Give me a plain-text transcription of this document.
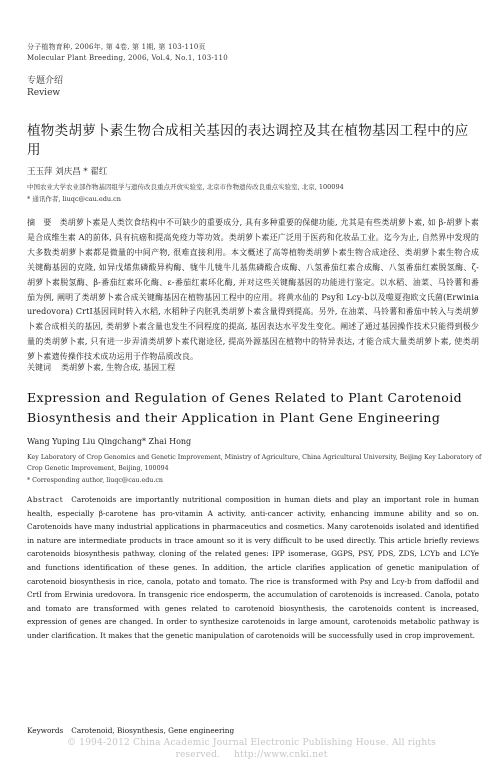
分子植物育种, 2006年, 第 4卷, 第 1期, 第 103-110页
Molecular Plant Breeding, 2006, Vol.4, No.1, 103-110
专题介绍
Review
植物类胡萝卜素生物合成相关基因的表达调控及其在植物基因工程中的应用
王玉萍 刘庆昌 * 翟红
中国农业大学农业部作物基因组学与遗传改良重点开放实验室, 北京市作物遗传改良重点实验室, 北京, 100094
* 通讯作者, liuqc@cau.edu.cn
摘　要 类胡萝卜素是人类饮食结构中不可缺少的重要成分, 具有多种重要的保健功能, 尤其是有些类胡萝卜素, 如 β-胡萝卜素是合成维生素 A的前体, 具有抗癌和提高免疫力等功效。类胡萝卜素还广泛用于医药和化妆品工业。迄今为止, 自然界中发现的大多数类胡萝卜素都是微量的中间产物, 很难直接利用。本文概述了高等植物类胡萝卜素生物合成途径、类胡萝卜素生物合成关键酶基因的克隆, 如异戊烯焦磷酸异构酶、牻牛儿牻牛儿基焦磷酸合成酶、八氢番茄红素合成酶、八氢番茄红素脱氢酶、ζ-胡萝卜素脱氢酶、β-番茄红素环化酶、ε-番茄红素环化酶, 并对这些关键酶基因的功能进行鉴定。以水稻、油菜、马铃薯和番茄为例, 阐明了类胡萝卜素合成关键酶基因在植物基因工程中的应用。将黄水仙的 Psy和 Lcy-b以及噬夏孢欧文氏菌(Erwinia uredovora) CrtI基因同时转入水稻, 水稻种子内胚乳类胡萝卜素含量得到提高。另外, 在油菜、马铃薯和番茄中转入与类胡萝卜素合成相关的基因, 类胡萝卜素含量也发生不同程度的提高, 基因表达水平发生变化。阐述了通过基因操作技术只能得到极少量的类胡萝卜素, 只有进一步弄清类胡萝卜素代谢途径, 提高外源基因在植物中的特异表达, 才能合成大量类胡萝卜素, 使类胡萝卜素遗传操作技术成功运用于作物品质改良。
关键词 类胡萝卜素, 生物合成, 基因工程
Expression and Regulation of Genes Related to Plant Carotenoid Biosynthesis and their Application in Plant Gene Engineering
Wang Yuping Liu Qingchang* Zhai Hong
Key Laboratory of Crop Genomics and Genetic Improvement, Ministry of Agriculture, China Agricultural University, Beijing Key Laboratory of Crop Genetic Improvement, Beijing, 100094
* Corresponding author, liuqc@cau.edu.cn
Abstract Carotenoids are importantly nutritional composition in human diets and play an important role in human health, especially β-carotene has pro-vitamin A activity, anti-cancer activity, enhancing immune ability and so on. Carotenoids have many industrial applications in pharmaceutics and cosmetics. Many carotenoids isolated and identified in nature are intermediate products in trace amount so it is very difficult to be used directly. This article briefly reviews carotenoids biosynthesis pathway, cloning of the related genes: IPP isomerase, GGPS, PSY, PDS, ZDS, LCYb and LCYe and functions identification of these genes. In addition, the article clarifies application of genetic manipulation of carotenoid biosynthesis in rice, canola, potato and tomato. The rice is transformed with Psy and Lcy-b from daffodil and CrtI from Erwinia uredovora. In transgenic rice endosperm, the accumulation of carotenoids is increased. Canola, potato and tomato are transformed with genes related to carotenoid biosynthesis, the carotenoids content is increased, expression of genes are changed. In order to synthesize carotenoids in large amount, carotenoids metabolic pathway is under clarification. It makes that the genetic manipulation of carotenoids will be successfully used in crop improvement.
Keywords Carotenoid, Biosynthesis, Gene engineering
© 1994-2012 China Academic Journal Electronic Publishing House. All rights reserved. http://www.cnki.net
